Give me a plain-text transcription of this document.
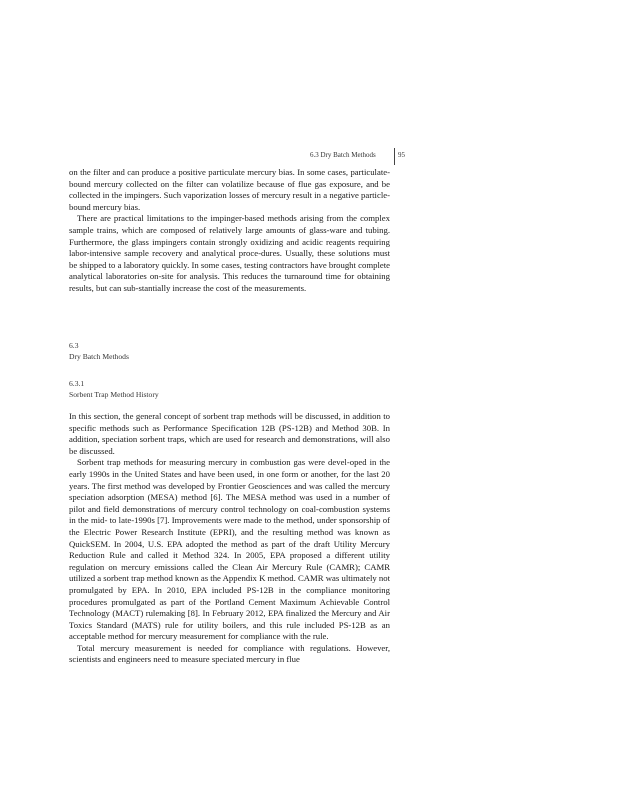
6.3 Dry Batch Methods	95

on the filter and can produce a positive particulate mercury bias. In some cases, particulate-bound mercury collected on the filter can volatilize because of flue gas exposure, and be collected in the impingers. Such vaporization losses of mercury result in a negative particle-bound mercury bias.

There are practical limitations to the impinger-based methods arising from the complex sample trains, which are composed of relatively large amounts of glass-ware and tubing. Furthermore, the glass impingers contain strongly oxidizing and acidic reagents requiring labor-intensive sample recovery and analytical proce-dures. Usually, these solutions must be shipped to a laboratory quickly. In some cases, testing contractors have brought complete analytical laboratories on-site for analysis. This reduces the turnaround time for obtaining results, but can sub-stantially increase the cost of the measurements.

6.3

Dry Batch Methods

6.3.1

Sorbent Trap Method History

In this section, the general concept of sorbent trap methods will be discussed, in addition to specific methods such as Performance Specification 12B (PS-12B) and Method 30B. In addition, speciation sorbent traps, which are used for research and demonstrations, will also be discussed.

Sorbent trap methods for measuring mercury in combustion gas were devel-oped in the early 1990s in the United States and have been used, in one form or another, for the last 20 years. The first method was developed by Frontier Geosciences and was called the mercury speciation adsorption (MESA) method [6]. The MESA method was used in a number of pilot and field demonstrations of mercury control technology on coal-combustion systems in the mid- to late-1990s [7]. Improvements were made to the method, under sponsorship of the Electric Power Research Institute (EPRI), and the resulting method was known as QuickSEM. In 2004, U.S. EPA adopted the method as part of the draft Utility Mercury Reduction Rule and called it Method 324. In 2005, EPA proposed a different utility regulation on mercury emissions called the Clean Air Mercury Rule (CAMR); CAMR utilized a sorbent trap method known as the Appendix K method. CAMR was ultimately not promulgated by EPA. In 2010, EPA included PS-12B in the compliance monitoring procedures promulgated as part of the Portland Cement Maximum Achievable Control Technology (MACT) rulemaking [8]. In February 2012, EPA finalized the Mercury and Air Toxics Standard (MATS) rule for utility boilers, and this rule included PS-12B as an acceptable method for mercury measurement for compliance with the rule.

Total mercury measurement is needed for compliance with regulations. However, scientists and engineers need to measure speciated mercury in flue
